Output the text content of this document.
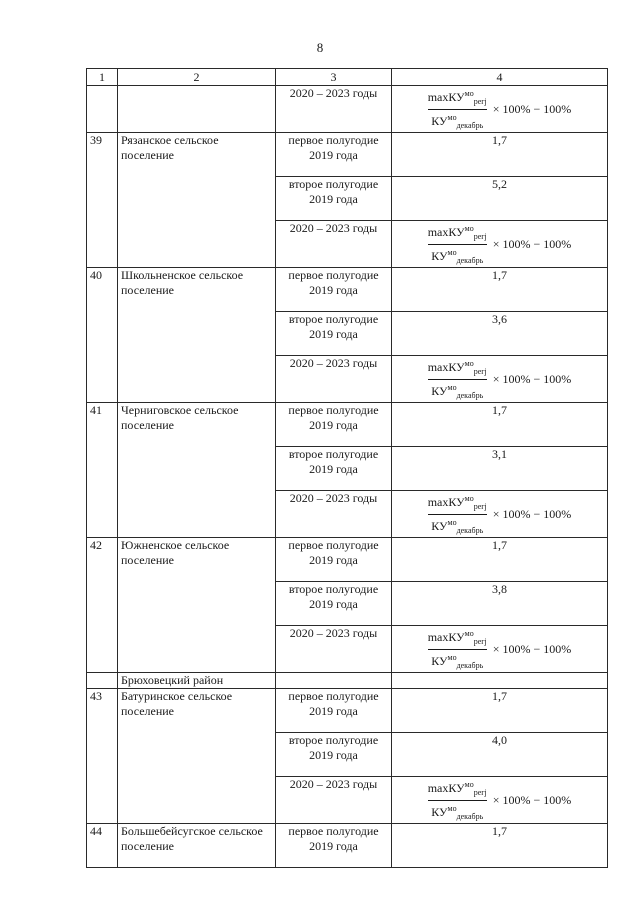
8
1	2	3	4
		2020 – 2023 годы	$\frac{\max КУ^{мо}_{регj}}{КУ^{мо}_{декабрь}} \times 100\% - 100\%$

39	Рязанское сельское поселение	первое полугодие 2019 года	1,7
		второе полугодие 2019 года	5,2
		2020 – 2023 годы	$\frac{\max КУ^{мо}_{регj}}{КУ^{мо}_{декабрь}} \times 100\% - 100\%$

40	Школьненское сельское поселение	первое полугодие 2019 года	1,7
		второе полугодие 2019 года	3,6
		2020 – 2023 годы	$\frac{\max КУ^{мо}_{регj}}{КУ^{мо}_{декабрь}} \times 100\% - 100\%$

41	Черниговское сельское поселение	первое полугодие 2019 года	1,7
		второе полугодие 2019 года	3,1
		2020 – 2023 годы	$\frac{\max КУ^{мо}_{регj}}{КУ^{мо}_{декабрь}} \times 100\% - 100\%$

42	Южненское сельское поселение	первое полугодие 2019 года	1,7
		второе полугодие 2019 года	3,8
		2020 – 2023 годы	$\frac{\max КУ^{мо}_{регj}}{КУ^{мо}_{декабрь}} \times 100\% - 100\%$

	Брюховецкий район		
43	Батуринское сельское поселение	первое полугодие 2019 года	1,7
		второе полугодие 2019 года	4,0
		2020 – 2023 годы	$\frac{\max КУ^{мо}_{регj}}{КУ^{мо}_{декабрь}} \times 100\% - 100\%$

44	Большебейсугское сельское поселение	первое полугодие 2019 года	1,7
